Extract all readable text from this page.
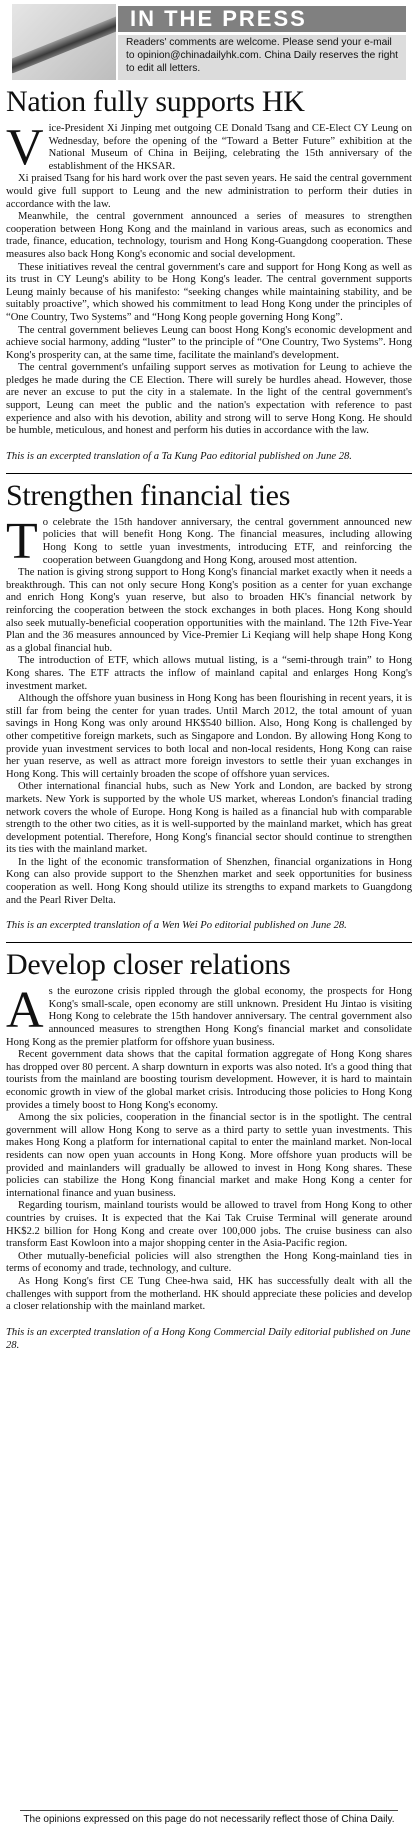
IN THE PRESS
Readers' comments are welcome. Please send your e-mail to opinion@chinadailyhk.com. China Daily reserves the right to edit all letters.
Nation fully supports HK

Vice-President Xi Jinping met outgoing CE Donald Tsang and CE-Elect CY Leung on Wednesday, before the opening of the “Toward a Better Future” exhibition at the National Museum of China in Beijing, celebrating the 15th anniversary of the establishment of the HKSAR.

Xi praised Tsang for his hard work over the past seven years. He said the central government would give full support to Leung and the new administration to perform their duties in accordance with the law.

Meanwhile, the central government announced a series of measures to strengthen cooperation between Hong Kong and the mainland in various areas, such as economics and trade, finance, education, technology, tourism and Hong Kong-Guangdong cooperation. These measures also back Hong Kong's economic and social development.

These initiatives reveal the central government's care and support for Hong Kong as well as its trust in CY Leung's ability to be Hong Kong's leader. The central government supports Leung mainly because of his manifesto: “seeking changes while maintaining stability, and be suitably proactive”, which showed his commitment to lead Hong Kong under the principles of “One Country, Two Systems” and “Hong Kong people governing Hong Kong”.

The central government believes Leung can boost Hong Kong's economic development and achieve social harmony, adding “luster” to the principle of “One Country, Two Systems”. Hong Kong's prosperity can, at the same time, facilitate the mainland's development.

The central government's unfailing support serves as motivation for Leung to achieve the pledges he made during the CE Election. There will surely be hurdles ahead. However, those are never an excuse to put the city in a stalemate. In the light of the central government's support, Leung can meet the public and the nation's expectation with reference to past experience and also with his devotion, ability and strong will to serve Hong Kong. He should be humble, meticulous, and honest and perform his duties in accordance with the law.

This is an excerpted translation of a Ta Kung Pao editorial published on June 28.
Strengthen financial ties

To celebrate the 15th handover anniversary, the central government announced new policies that will benefit Hong Kong. The financial measures, including allowing Hong Kong to settle yuan investments, introducing ETF, and reinforcing the cooperation between Guangdong and Hong Kong, aroused most attention.

The nation is giving strong support to Hong Kong's financial market exactly when it needs a breakthrough. This can not only secure Hong Kong's position as a center for yuan exchange and enrich Hong Kong's yuan reserve, but also to broaden HK's financial network by reinforcing the cooperation between the stock exchanges in both places. Hong Kong should also seek mutually-beneficial cooperation opportunities with the mainland. The 12th Five-Year Plan and the 36 measures announced by Vice-Premier Li Keqiang will help shape Hong Kong as a global financial hub.

The introduction of ETF, which allows mutual listing, is a “semi-through train” to Hong Kong shares. The ETF attracts the inflow of mainland capital and enlarges Hong Kong's investment market.

Although the offshore yuan business in Hong Kong has been flourishing in recent years, it is still far from being the center for yuan trades. Until March 2012, the total amount of yuan savings in Hong Kong was only around HK$540 billion. Also, Hong Kong is challenged by other competitive foreign markets, such as Singapore and London. By allowing Hong Kong to provide yuan investment services to both local and non-local residents, Hong Kong can raise her yuan reserve, as well as attract more foreign investors to settle their yuan exchanges in Hong Kong. This will certainly broaden the scope of offshore yuan services.

Other international financial hubs, such as New York and London, are backed by strong markets. New York is supported by the whole US market, whereas London's financial trading network covers the whole of Europe. Hong Kong is hailed as a financial hub with comparable strength to the other two cities, as it is well-supported by the mainland market, which has great development potential. Therefore, Hong Kong's financial sector should continue to strengthen its ties with the mainland market.

In the light of the economic transformation of Shenzhen, financial organizations in Hong Kong can also provide support to the Shenzhen market and seek opportunities for business cooperation as well. Hong Kong should utilize its strengths to expand markets to Guangdong and the Pearl River Delta.

This is an excerpted translation of a Wen Wei Po editorial published on June 28.
Develop closer relations

As the eurozone crisis rippled through the global economy, the prospects for Hong Kong's small-scale, open economy are still unknown. President Hu Jintao is visiting Hong Kong to celebrate the 15th handover anniversary. The central government also announced measures to strengthen Hong Kong's financial market and consolidate Hong Kong as the premier platform for offshore yuan business.

Recent government data shows that the capital formation aggregate of Hong Kong shares has dropped over 80 percent. A sharp downturn in exports was also noted. It's a good thing that tourists from the mainland are boosting tourism development. However, it is hard to maintain economic growth in view of the global market crisis. Introducing those policies to Hong Kong provides a timely boost to Hong Kong's economy.

Among the six policies, cooperation in the financial sector is in the spotlight. The central government will allow Hong Kong to serve as a third party to settle yuan investments. This makes Hong Kong a platform for international capital to enter the mainland market. Non-local residents can now open yuan accounts in Hong Kong. More offshore yuan products will be provided and mainlanders will gradually be allowed to invest in Hong Kong shares. These policies can stabilize the Hong Kong financial market and make Hong Kong a center for international finance and yuan business.

Regarding tourism, mainland tourists would be allowed to travel from Hong Kong to other countries by cruises. It is expected that the Kai Tak Cruise Terminal will generate around HK$2.2 billion for Hong Kong and create over 100,000 jobs. The cruise business can also transform East Kowloon into a major shopping center in the Asia-Pacific region.

Other mutually-beneficial policies will also strengthen the Hong Kong-mainland ties in terms of economy and trade, technology, and culture.

As Hong Kong's first CE Tung Chee-hwa said, HK has successfully dealt with all the challenges with support from the motherland. HK should appreciate these policies and develop a closer relationship with the mainland market.

This is an excerpted translation of a Hong Kong Commercial Daily editorial published on June 28.
The opinions expressed on this page do not necessarily reflect those of China Daily.
